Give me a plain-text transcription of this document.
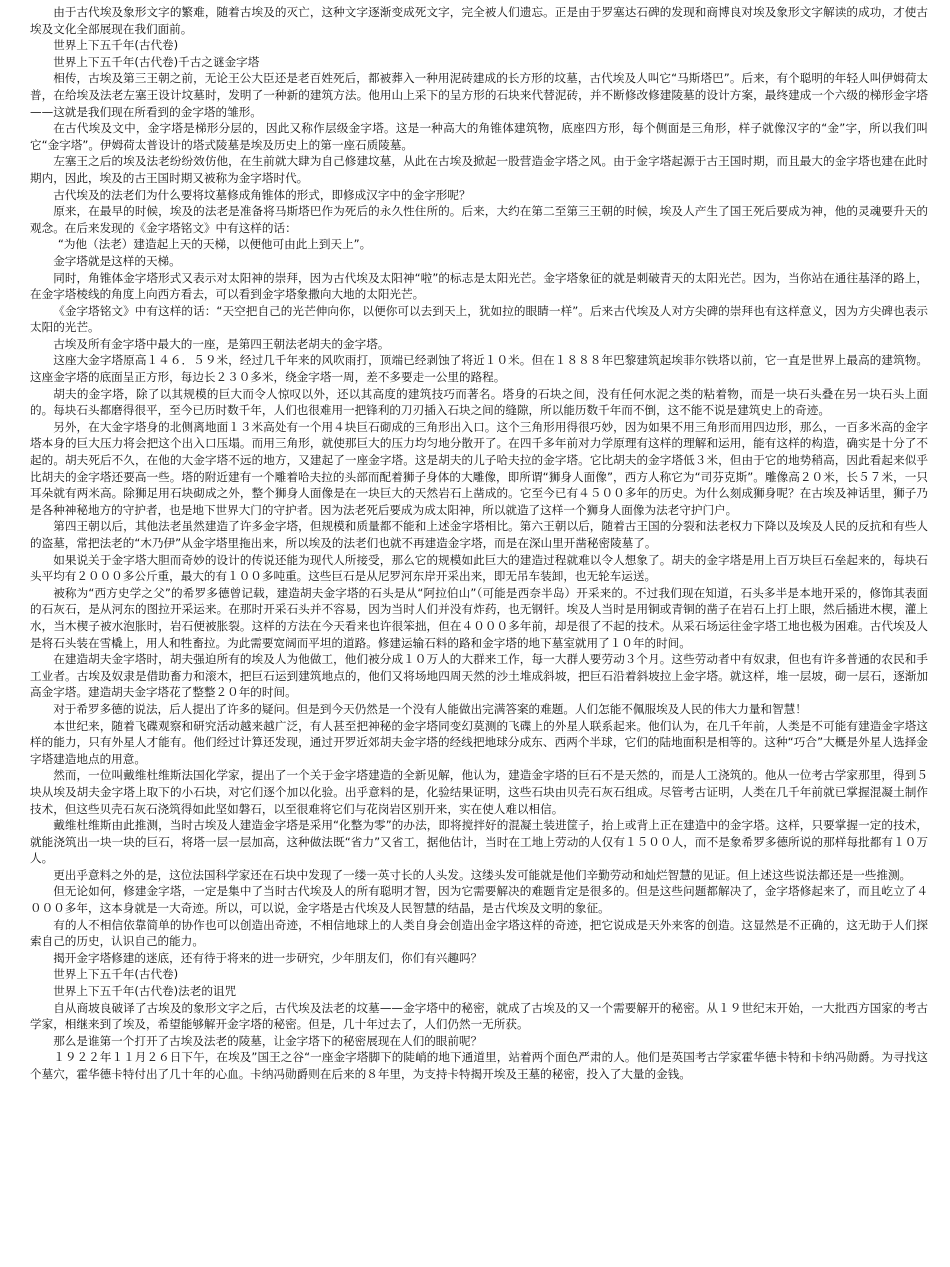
由于古代埃及象形文字的繁难，随着古埃及的灭亡，这种文字逐渐变成死文字，完全被人们遗忘。正是由于罗塞达石碑的发现和商博良对埃及象形文字解读的成功，才使古埃及文化全部展现在我们面前。

世界上下五千年(古代卷)

世界上下五千年(古代卷)千古之谜金字塔

相传，古埃及第三王朝之前，无论王公大臣还是老百姓死后，都被葬入一种用泥砖建成的长方形的坟墓，古代埃及人叫它“马斯塔巴”。后来，有个聪明的年轻人叫伊姆荷太普，在给埃及法老左塞王设计坟墓时，发明了一种新的建筑方法。他用山上采下的呈方形的石块来代替泥砖，并不断修改修建陵墓的设计方案，最终建成一个六级的梯形金字塔——这就是我们现在所看到的金字塔的雏形。

在古代埃及文中，金字塔是梯形分层的，因此又称作层级金字塔。这是一种高大的角锥体建筑物，底座四方形，每个侧面是三角形，样子就像汉字的“金”字，所以我们叫它“金字塔”。伊姆荷太普设计的塔式陵墓是埃及历史上的第一座石质陵墓。

左塞王之后的埃及法老纷纷效仿他，在生前就大肆为自己修建坟墓，从此在古埃及掀起一股营造金字塔之风。由于金字塔起源于古王国时期，而且最大的金字塔也建在此时期内，因此，埃及的古王国时期又被称为金字塔时代。

古代埃及的法老们为什么要将坟墓修成角锥体的形式，即修成汉字中的金字形呢？

原来，在最早的时候，埃及的法老是准备将马斯塔巴作为死后的永久性住所的。后来，大约在第二至第三王朝的时候，埃及人产生了国王死后要成为神，他的灵魂要升天的观念。在后来发现的《金字塔铭文》中有这样的话：

“为他（法老）建造起上天的天梯，以便他可由此上到天上”。

金字塔就是这样的天梯。

同时，角锥体金字塔形式又表示对太阳神的崇拜，因为古代埃及太阳神“啦”的标志是太阳光芒。金字塔象征的就是刺破青天的太阳光芒。因为，当你站在通往基泽的路上，在金字塔棱线的角度上向西方看去，可以看到金字塔象撒向大地的太阳光芒。

《金字塔铭文》中有这样的话：“天空把自己的光芒伸向你，以便你可以去到天上，犹如拉的眼睛一样”。后来古代埃及人对方尖碑的崇拜也有这样意义，因为方尖碑也表示太阳的光芒。

古埃及所有金字塔中最大的一座，是第四王朝法老胡夫的金字塔。

这座大金字塔原高１４６．５９米，经过几千年来的风吹雨打，顶端已经剥蚀了将近１０米。但在１８８８年巴黎建筑起埃菲尔铁塔以前，它一直是世界上最高的建筑物。这座金字塔的底面呈正方形，每边长２３０多米，绕金字塔一周，差不多要走一公里的路程。

胡夫的金字塔，除了以其规模的巨大而令人惊叹以外，还以其高度的建筑技巧而著名。塔身的石块之间，没有任何水泥之类的粘着物，而是一块石头叠在另一块石头上面的。每块石头都磨得很平，至今已历时数千年，人们也很难用一把锋利的刀刃插入石块之间的缝隙，所以能历数千年而不倒，这不能不说是建筑史上的奇迹。

另外，在大金字塔身的北侧离地面１３米高处有一个用４块巨石砌成的三角形出入口。这个三角形用得很巧妙，因为如果不用三角形而用四边形，那么，一百多米高的金字塔本身的巨大压力将会把这个出入口压塌。而用三角形，就使那巨大的压力均匀地分散开了。在四千多年前对力学原理有这样的理解和运用，能有这样的构造，确实是十分了不起的。胡夫死后不久，在他的大金字塔不远的地方，又建起了一座金字塔。这是胡夫的儿子哈夫拉的金字塔。它比胡夫的金字塔低３米，但由于它的地势稍高，因此看起来似乎比胡夫的金字塔还要高一些。塔的附近建有一个雕着哈夫拉的头部而配着狮子身体的大雕像，即所谓“狮身人面像”，西方人称它为“司芬克斯”。雕像高２０米，长５７米，一只耳朵就有两米高。除狮足用石块砌成之外，整个狮身人面像是在一块巨大的天然岩石上凿成的。它至今已有４５００多年的历史。为什么刻成狮身呢？在古埃及神话里，狮子乃是各种神秘地方的守护者，也是地下世界大门的守护者。因为法老死后要成为成太阳神，所以就造了这样一个狮身人面像为法老守护门户。

第四王朝以后，其他法老虽然建造了许多金字塔，但规模和质量都不能和上述金字塔相比。第六王朝以后，随着古王国的分裂和法老权力下降以及埃及人民的反抗和有些人的盗墓，常把法老的“木乃伊”从金字塔里拖出来，所以埃及的法老们也就不再建造金字塔，而是在深山里开凿秘密陵墓了。

如果说关于金字塔大胆而奇妙的设计的传说还能为现代人所接受，那么它的规模如此巨大的建造过程就难以令人想象了。胡夫的金字塔是用上百万块巨石垒起来的，每块石头平均有２０００多公斤重，最大的有１００多吨重。这些巨石是从尼罗河东岸开采出来，即无吊车装卸，也无轮车运送。

被称为“西方史学之父”的希罗多德曾记载，建造胡夫金字塔的石头是从“阿拉伯山”（可能是西奈半岛）开采来的。不过我们现在知道，石头多半是本地开采的，修饰其表面的石灰石，是从河东的图拉开采运来。在那时开采石头并不容易，因为当时人们并没有炸药，也无钢钎。埃及人当时是用铜或青铜的凿子在岩石上打上眼，然后插进木楔，灌上水，当木楔子被水泡胀时，岩石便被胀裂。这样的方法在今天看来也许很笨拙，但在４０００多年前，却是很了不起的技术。从采石场运往金字塔工地也极为困难。古代埃及人是将石头装在雪橇上，用人和牲畜拉。为此需要宽阔而平坦的道路。修建运输石料的路和金字塔的地下墓室就用了１０年的时间。

在建造胡夫金字塔时，胡夫强迫所有的埃及人为他做工，他们被分成１０万人的大群来工作，每一大群人要劳动３个月。这些劳动者中有奴隶，但也有许多普通的农民和手工业者。古埃及奴隶是借助畜力和滚木，把巨石运到建筑地点的，他们又将场地四周天然的沙土堆成斜坡，把巨石沿着斜坡拉上金字塔。就这样，堆一层坡，砌一层石，逐渐加高金字塔。建造胡夫金字塔花了整整２０年的时间。

对于希罗多德的说法，后人提出了许多的疑问。但是到今天仍然是一个没有人能做出完满答案的难题。人们怎能不佩服埃及人民的伟大力量和智慧！

本世纪来，随着飞碟观察和研究活动越来越广泛，有人甚至把神秘的金字塔同变幻莫测的飞碟上的外星人联系起来。他们认为，在几千年前，人类是不可能有建造金字塔这样的能力，只有外星人才能有。他们经过计算还发现，通过开罗近郊胡夫金字塔的经线把地球分成东、西两个半球，它们的陆地面积是相等的。这种“巧合”大概是外星人选择金字塔建造地点的用意。

然而，一位叫戴维杜维斯法国化学家，提出了一个关于金字塔建造的全新见解，他认为，建造金字塔的巨石不是天然的，而是人工浇筑的。他从一位考古学家那里，得到５块从埃及胡夫金字塔上取下的小石块，对它们逐个加以化验。出乎意料的是，化验结果证明，这些石块由贝壳石灰石组成。尽管考古证明，人类在几千年前就已掌握混凝土制作技术，但这些贝壳石灰石浇筑得如此坚如磐石，以至很难将它们与花岗岩区别开来，实在使人难以相信。

戴维杜维斯由此推测，当时古埃及人建造金字塔是采用“化整为零”的办法，即将搅拌好的混凝土装进筐子，抬上或背上正在建造中的金字塔。这样，只要掌握一定的技术，就能浇筑出一块一块的巨石，将塔一层一层加高，这种做法既“省力”又省工，据他估计，当时在工地上劳动的人仅有１５００人，而不是象希罗多德所说的那样每批都有１０万人。

更出乎意料之外的是，这位法国科学家还在石块中发现了一缕一英寸长的人头发。这缕头发可能就是他们辛勤劳动和灿烂智慧的见证。但上述这些说法都还是一些推测。

但无论如何，修建金字塔，一定是集中了当时古代埃及人的所有聪明才智，因为它需要解决的难题肯定是很多的。但是这些问题都解决了，金字塔修起来了，而且屹立了４０００多年，这本身就是一大奇迹。所以，可以说，金字塔是古代埃及人民智慧的结晶，是古代埃及文明的象征。

有的人不相信依靠简单的协作也可以创造出奇迹，不相信地球上的人类自身会创造出金字塔这样的奇迹，把它说成是天外来客的创造。这显然是不正确的，这无助于人们探索自己的历史，认识自己的能力。

揭开金字塔修建的迷底，还有待于将来的进一步研究，少年朋友们，你们有兴趣吗？

世界上下五千年(古代卷)

世界上下五千年(古代卷)法老的诅咒

自从商坡良破译了古埃及的象形文字之后，古代埃及法老的坟墓——金字塔中的秘密，就成了古埃及的又一个需要解开的秘密。从１９世纪末开始，一大批西方国家的考古学家，相继来到了埃及，希望能够解开金字塔的秘密。但是，几十年过去了，人们仍然一无所获。

那么是谁第一个打开了古埃及法老的陵墓，让金字塔下的秘密展现在人们的眼前呢？

１９２２年１１月２６日下午，在埃及”国王之谷“一座金字塔脚下的陡峭的地下通道里，站着两个面色严肃的人。他们是英国考古学家霍华德卡特和卡纳冯勋爵。为寻找这个墓穴，霍华德卡特付出了几十年的心血。卡纳冯勋爵则在后来的８年里，为支持卡特揭开埃及王墓的秘密，投入了大量的金钱。
